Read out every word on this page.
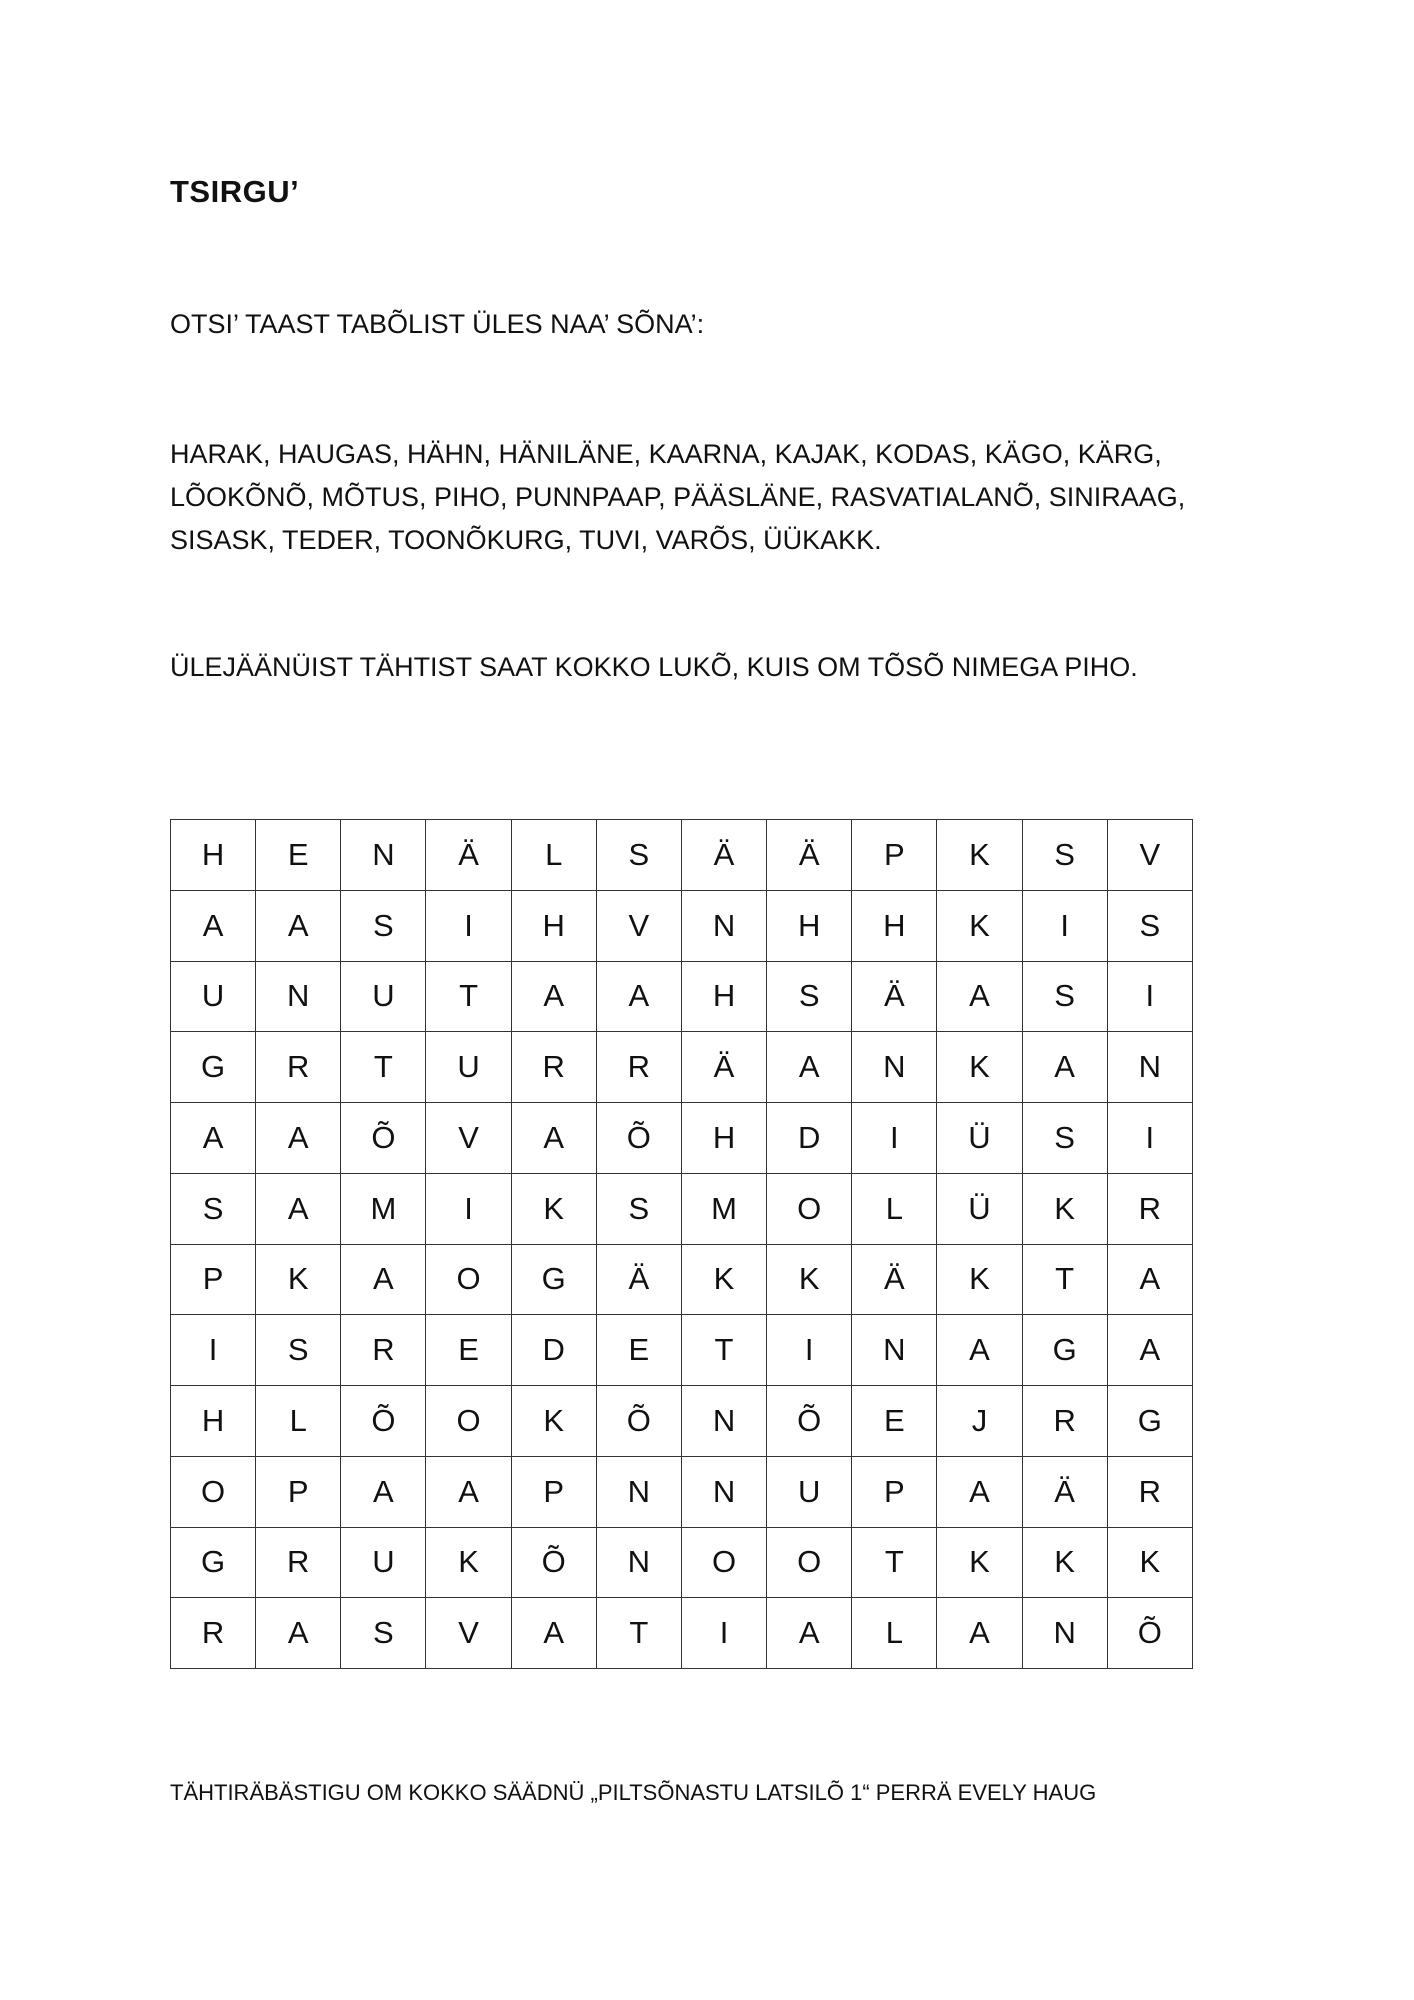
TSIRGU’
OTSI’ TAAST TABÕLIST ÜLES NAA’ SÕNA’:
HARAK, HAUGAS, HÄHN, HÄNILÄNE, KAARNA, KAJAK, KODAS, KÄGO, KÄRG,
LÕOKÕNÕ, MÕTUS, PIHO, PUNNPAAP, PÄÄSLÄNE, RASVATIALANÕ, SINIRAAG,
SISASK, TEDER, TOONÕKURG, TUVI, VARÕS, ÜÜKAKK.
ÜLEJÄÄNÜIST TÄHTIST SAAT KOKKO LUKÕ, KUIS OM TÕSÕ NIMEGA PIHO.
H	E	N	Ä	L	S	Ä	Ä	P	K	S	V
A	A	S	I	H	V	N	H	H	K	I	S
U	N	U	T	A	A	H	S	Ä	A	S	I
G	R	T	U	R	R	Ä	A	N	K	A	N
A	A	Õ	V	A	Õ	H	D	I	Ü	S	I
S	A	M	I	K	S	M	O	L	Ü	K	R
P	K	A	O	G	Ä	K	K	Ä	K	T	A
I	S	R	E	D	E	T	I	N	A	G	A
H	L	Õ	O	K	Õ	N	Õ	E	J	R	G
O	P	A	A	P	N	N	U	P	A	Ä	R
G	R	U	K	Õ	N	O	O	T	K	K	K
R	A	S	V	A	T	I	A	L	A	N	Õ
TÄHTIRÄBÄSTIGU OM KOKKO SÄÄDNÜ „PILTSÕNASTU LATSILÕ 1“ PERRÄ EVELY HAUG
